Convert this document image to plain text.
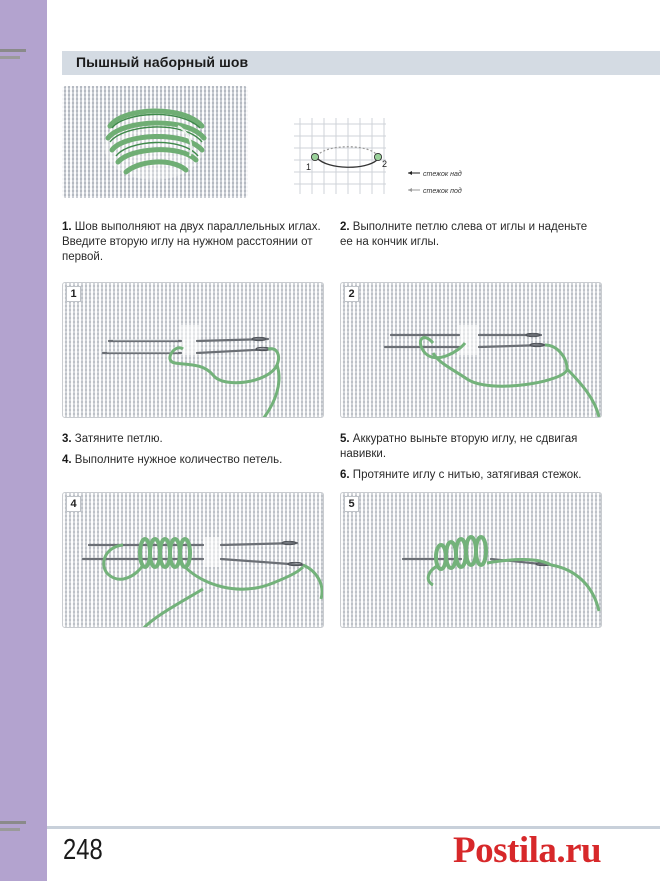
Пышный наборный шов
1	2
стежок над
стежок под
1. Шов выполняют на двух параллельных иглах. Введите вторую иглу на нужном расстоянии от первой.
2. Выполните петлю слева от иглы и наденьте ее на кончик иглы.
1	2
3. Затяните петлю.
4. Выполните нужное количество петель.
5. Аккуратно выньте вторую иглу, не сдвигая навивки.
6. Протяните иглу с нитью, затягивая стежок.
4	5
248	Postila.ru
